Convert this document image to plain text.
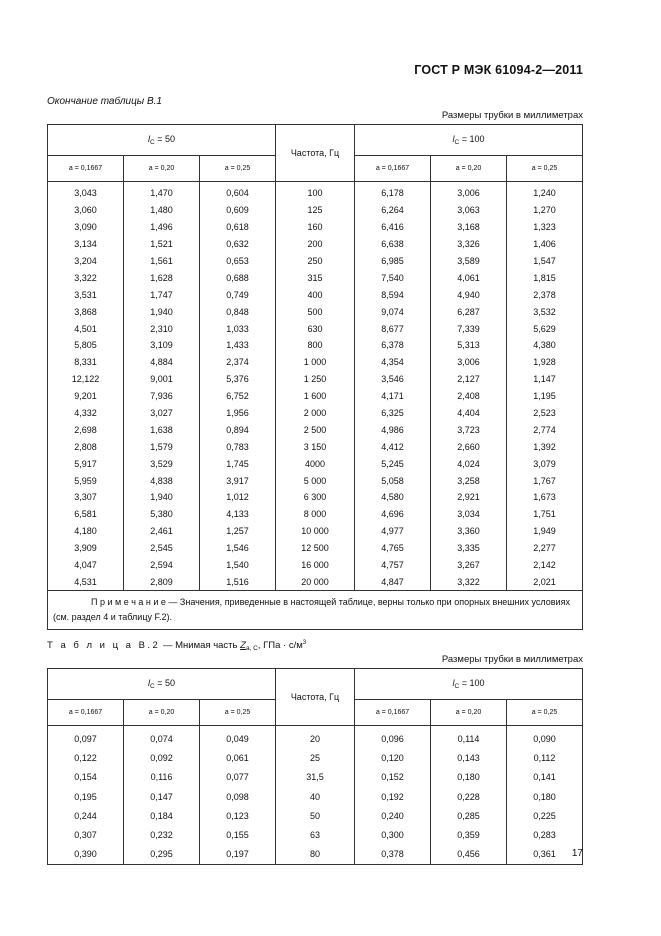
ГОСТ Р МЭК 61094-2—2011
Окончание таблицы В.1
Размеры трубки в миллиметрах
$l_C = 50$			Частота, Гц	$l_C = 100$		
a = 0,1667	a = 0,20	a = 0,25		a = 0,1667	a = 0,20	a = 0,25
3,043	1,470	0,604	100	6,178	3,006	1,240
3,060	1,480	0,609	125	6,264	3,063	1,270
3,090	1,496	0,618	160	6,416	3,168	1,323
3,134	1,521	0,632	200	6,638	3,326	1,406
3,204	1,561	0,653	250	6,985	3,589	1,547
3,322	1,628	0,688	315	7,540	4,061	1,815
3,531	1,747	0,749	400	8,594	4,940	2,378
3,868	1,940	0,848	500	9,074	6,287	3,532
4,501	2,310	1,033	630	8,677	7,339	5,629
5,805	3,109	1,433	800	6,378	5,313	4,380
8,331	4,884	2,374	1 000	4,354	3,006	1,928
12,122	9,001	5,376	1 250	3,546	2,127	1,147
9,201	7,936	6,752	1 600	4,171	2,408	1,195
4,332	3,027	1,956	2 000	6,325	4,404	2,523
2,698	1,638	0,894	2 500	4,986	3,723	2,774
2,808	1,579	0,783	3 150	4,412	2,660	1,392
5,917	3,529	1,745	4000	5,245	4,024	3,079
5,959	4,838	3,917	5 000	5,058	3,258	1,767
3,307	1,940	1,012	6 300	4,580	2,921	1,673
6,581	5,380	4,133	8 000	4,696	3,034	1,751
4,180	2,461	1,257	10 000	4,977	3,360	1,949
3,909	2,545	1,546	12 500	4,765	3,335	2,277
4,047	2,594	1,540	16 000	4,757	3,267	2,142
4,531	2,809	1,516	20 000	4,847	3,322	2,021
П р и м е ч а н и е — Значения, приведенные в настоящей таблице, верны только при опорных внешних условиях (см. раздел 4 и таблицу F.2).						
Т а б л и ц а В.2 — Мнимая часть $Z_{a, C}$, ГПа · $с/м^3$
Размеры трубки в миллиметрах
$l_C = 50$			Частота, Гц	$l_C = 100$		
a = 0,1667	a = 0,20	a = 0,25		a = 0,1667	a = 0,20	a = 0,25
0,097	0,074	0,049	20	0,096	0,114	0,090
0,122	0,092	0,061	25	0,120	0,143	0,112
0,154	0,116	0,077	31,5	0,152	0,180	0,141
0,195	0,147	0,098	40	0,192	0,228	0,180
0,244	0,184	0,123	50	0,240	0,285	0,225
0,307	0,232	0,155	63	0,300	0,359	0,283
0,390	0,295	0,197	80	0,378	0,456	0,361 17
